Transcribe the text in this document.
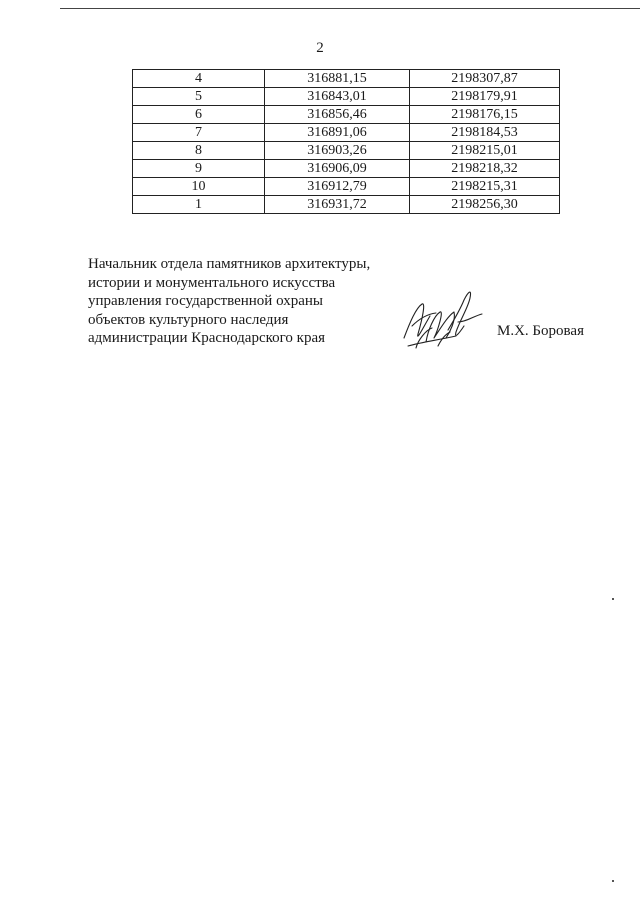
2
4	316881,15	2198307,87
5	316843,01	2198179,91
6	316856,46	2198176,15
7	316891,06	2198184,53
8	316903,26	2198215,01
9	316906,09	2198218,32
10	316912,79	2198215,31
1	316931,72	2198256,30
Начальник отдела памятников архитектуры,
истории и монументального искусства
управления государственной охраны
объектов культурного наследия
администрации Краснодарского края	М.Х. Боровая
